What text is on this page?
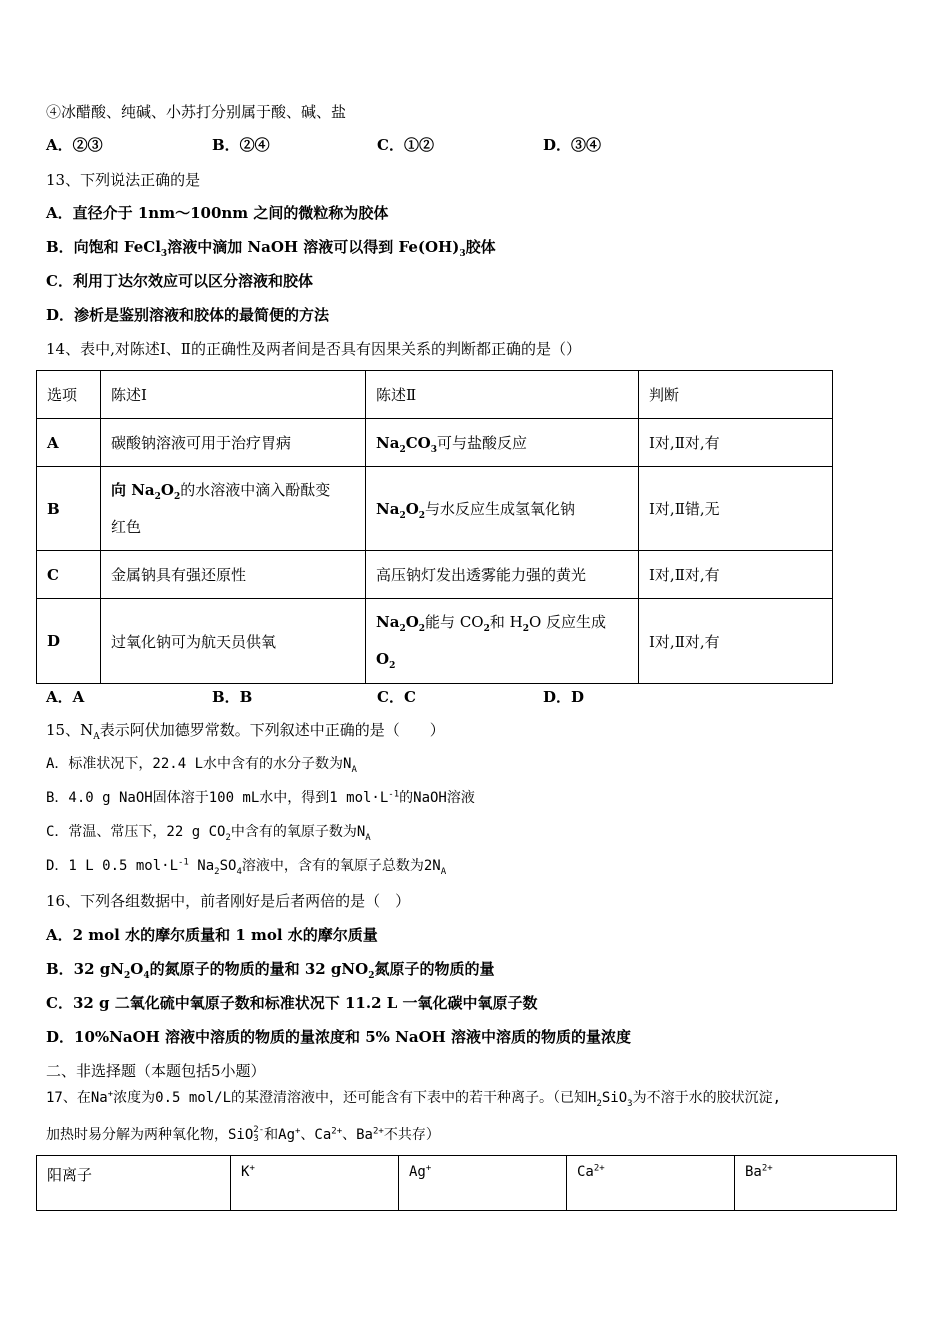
④冰醋酸、纯碱、小苏打分别属于酸、碱、盐
A．②③	B．②④	C．①②	D．③④
13、下列说法正确的是
A．直径介于 1nm～100nm 之间的微粒称为胶体
B．向饱和 FeCl$_3$溶液中滴加 NaOH 溶液可以得到 $Fe(OH)_3$胶体
C．利用丁达尔效应可以区分溶液和胶体
D．渗析是鉴别溶液和胶体的最简便的方法
14、表中,对陈述Ⅰ、Ⅱ的正确性及两者间是否具有因果关系的判断都正确的是（）
选项	陈述Ⅰ	陈述Ⅱ	判断
A	碳酸钠溶液可用于治疗胃病	$Na_2CO_3$可与盐酸反应	Ⅰ对,Ⅱ对,有
B	向 $Na_2O_2$的水溶液中滴入酚酞变
红色	$Na_2O_2$与水反应生成氢氧化钠	Ⅰ对,Ⅱ错,无
C	金属钠具有强还原性	高压钠灯发出透雾能力强的黄光	Ⅰ对,Ⅱ对,有
D	过氧化钠可为航天员供氧	$Na_2O_2$能与 $CO_2$和 $H_2O$ 反应生成
$O_2$	Ⅰ对,Ⅱ对,有
A．A	B．B	C．C	D．D
15、$N_A$表示阿伏加德罗常数。下列叙述中正确的是（　　）
A．标准状况下，22.4 L水中含有的水分子数为$N_A$
B．4.0 g NaOH固体溶于100 mL水中，得到1 $mol\cdot L^{-1}$的NaOH溶液
C．常温、常压下，22 g $CO_2$中含有的氧原子数为$N_A$
D．1 L 0.5 $mol\cdot L^{-1}$ $Na_2SO_4$溶液中，含有的氧原子总数为$2N_A$
16、下列各组数据中，前者刚好是后者两倍的是（　）
A．2 mol 水的摩尔质量和 1 mol 水的摩尔质量
B．32 $gN_2O_4$的氮原子的物质的量和 32 gNO$_2$氮原子的物质的量
C．32 g 二氧化硫中氧原子数和标准状况下 11.2 L 一氧化碳中氧原子数
D．10%NaOH 溶液中溶质的物质的量浓度和 5% NaOH 溶液中溶质的物质的量浓度
二、非选择题（本题包括5小题）
17、在Na+浓度为0.5 mol/L的某澄清溶液中，还可能含有下表中的若干种离子。（已知$H_2SiO_3$为不溶于水的胶状沉淀,
加热时易分解为两种氧化物，SiO 2-
3 和Ag+、$Ca^{2+}$、$Ba^{2+}$不共存）
阳离子	K+	Ag+	$Ca^{2+}$	$Ba^{2+}$
